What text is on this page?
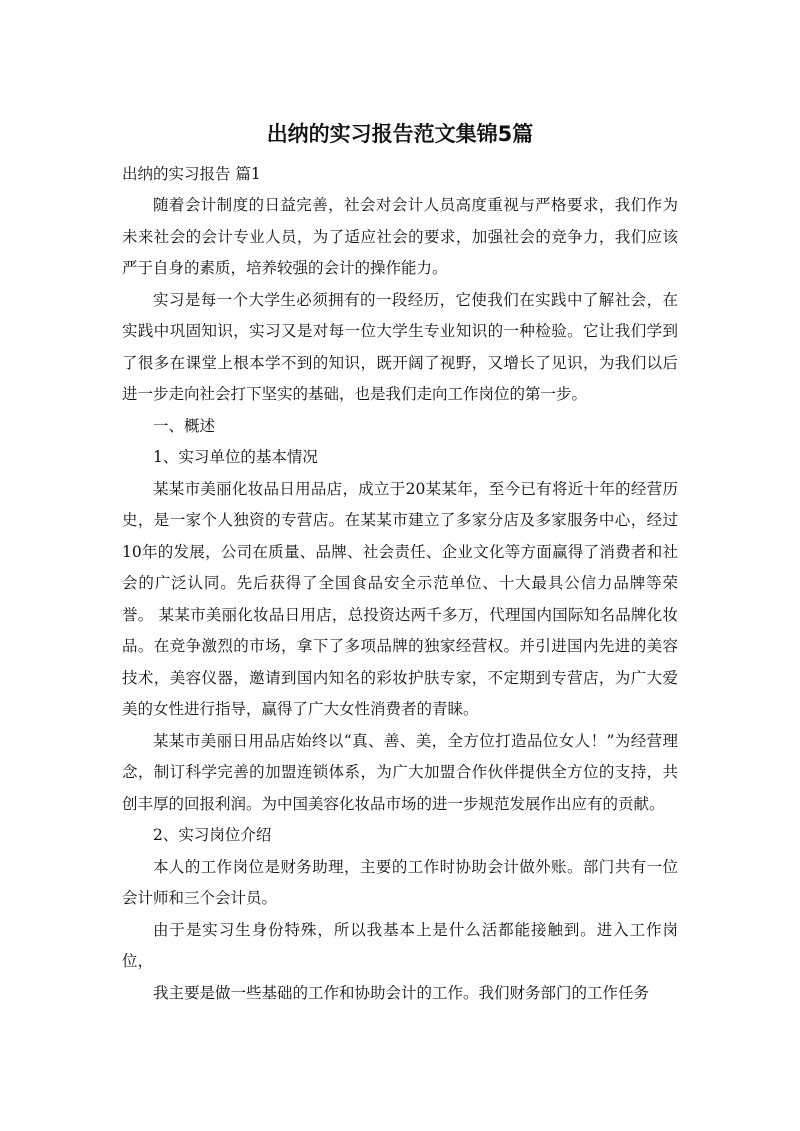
出纳的实习报告范文集锦5篇
出纳的实习报告 篇1

随着会计制度的日益完善，社会对会计人员高度重视与严格要求，我们作为未来社会的会计专业人员，为了适应社会的要求，加强社会的竞争力，我们应该严于自身的素质，培养较强的会计的操作能力。

实习是每一个大学生必须拥有的一段经历，它使我们在实践中了解社会，在实践中巩固知识，实习又是对每一位大学生专业知识的一种检验。它让我们学到了很多在课堂上根本学不到的知识，既开阔了视野，又增长了见识，为我们以后进一步走向社会打下坚实的基础，也是我们走向工作岗位的第一步。

一、概述

1、实习单位的基本情况

某某市美丽化妆品日用品店，成立于20某某年，至今已有将近十年的经营历史，是一家个人独资的专营店。在某某市建立了多家分店及多家服务中心，经过10年的发展，公司在质量、品牌、社会责任、企业文化等方面赢得了消费者和社会的广泛认同。先后获得了全国食品安全示范单位、十大最具公信力品牌等荣誉。 某某市美丽化妆品日用店，总投资达两千多万，代理国内国际知名品牌化妆品。在竞争激烈的市场，拿下了多项品牌的独家经营权。并引进国内先进的美容技术，美容仪器，邀请到国内知名的彩妆护肤专家，不定期到专营店，为广大爱美的女性进行指导，赢得了广大女性消费者的青睐。

某某市美丽日用品店始终以“真、善、美，全方位打造品位女人！”为经营理念，制订科学完善的加盟连锁体系，为广大加盟合作伙伴提供全方位的支持，共创丰厚的回报利润。为中国美容化妆品市场的进一步规范发展作出应有的贡献。

2、实习岗位介绍

本人的工作岗位是财务助理，主要的工作时协助会计做外账。部门共有一位会计师和三个会计员。

由于是实习生身份特殊，所以我基本上是什么活都能接触到。进入工作岗位，

我主要是做一些基础的工作和协助会计的工作。我们财务部门的工作任务
